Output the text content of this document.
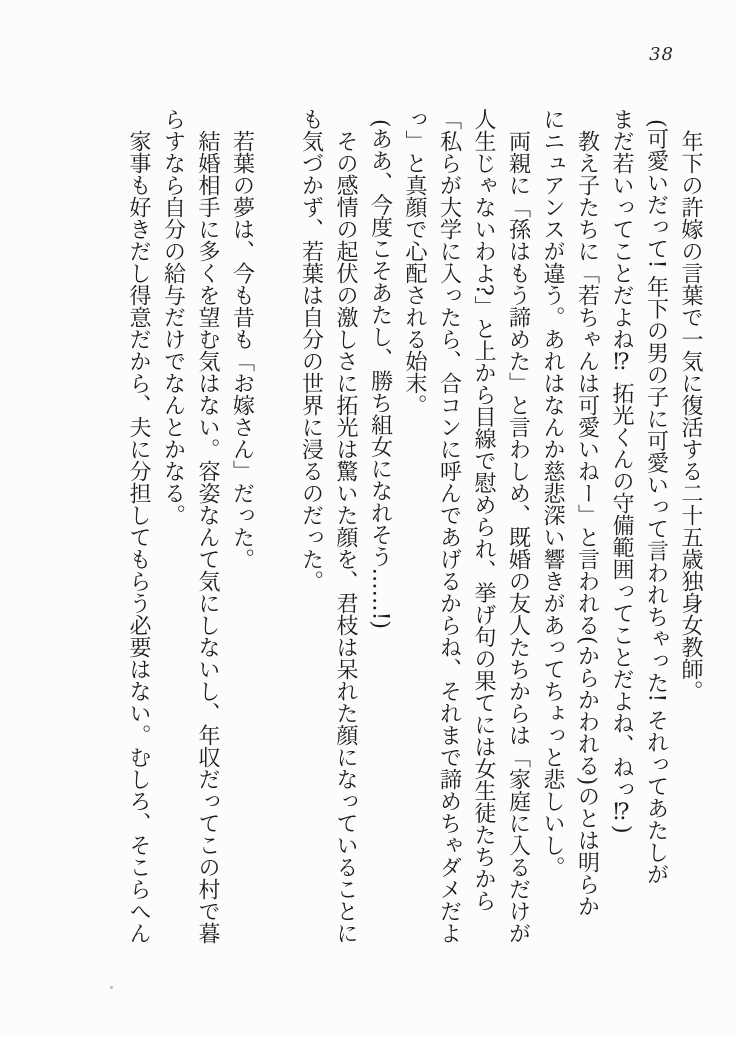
38

年下の許嫁の言葉で一気に復活する二十五歳独身女教師。

(可愛いだって! 年下の男の子に可愛いって言われちゃった! それってあたしが

まだ若いってことだよね⁉ 拓光くんの守備範囲ってことだよね、ねっ⁉)

教え子たちに「若ちゃんは可愛いねー」と言われる(からかわれる)のとは明らか

にニュアンスが違う。あれはなんか慈悲深い響きがあってちょっと悲しいし。

両親に「孫はもう諦めた」と言わしめ、既婚の友人たちからは「家庭に入るだけが

人生じゃないわよ?」と上から目線で慰められ、挙げ句の果てには女生徒たちから

「私らが大学に入ったら、合コンに呼んであげるからね、それまで諦めちゃダメだよ

っ」と真顔で心配される始末。

(ああ、今度こそあたし、勝ち組女になれそう……!)

その感情の起伏の激しさに拓光は驚いた顔を、君枝は呆れた顔になっていることに

も気づかず、若葉は自分の世界に浸るのだった。

若葉の夢は、今も昔も「お嫁さん」だった。

結婚相手に多くを望む気はない。容姿なんて気にしないし、年収だってこの村で暮

らすなら自分の給与だけでなんとかなる。

家事も好きだし得意だから、夫に分担してもらう必要はない。むしろ、そこらへん
